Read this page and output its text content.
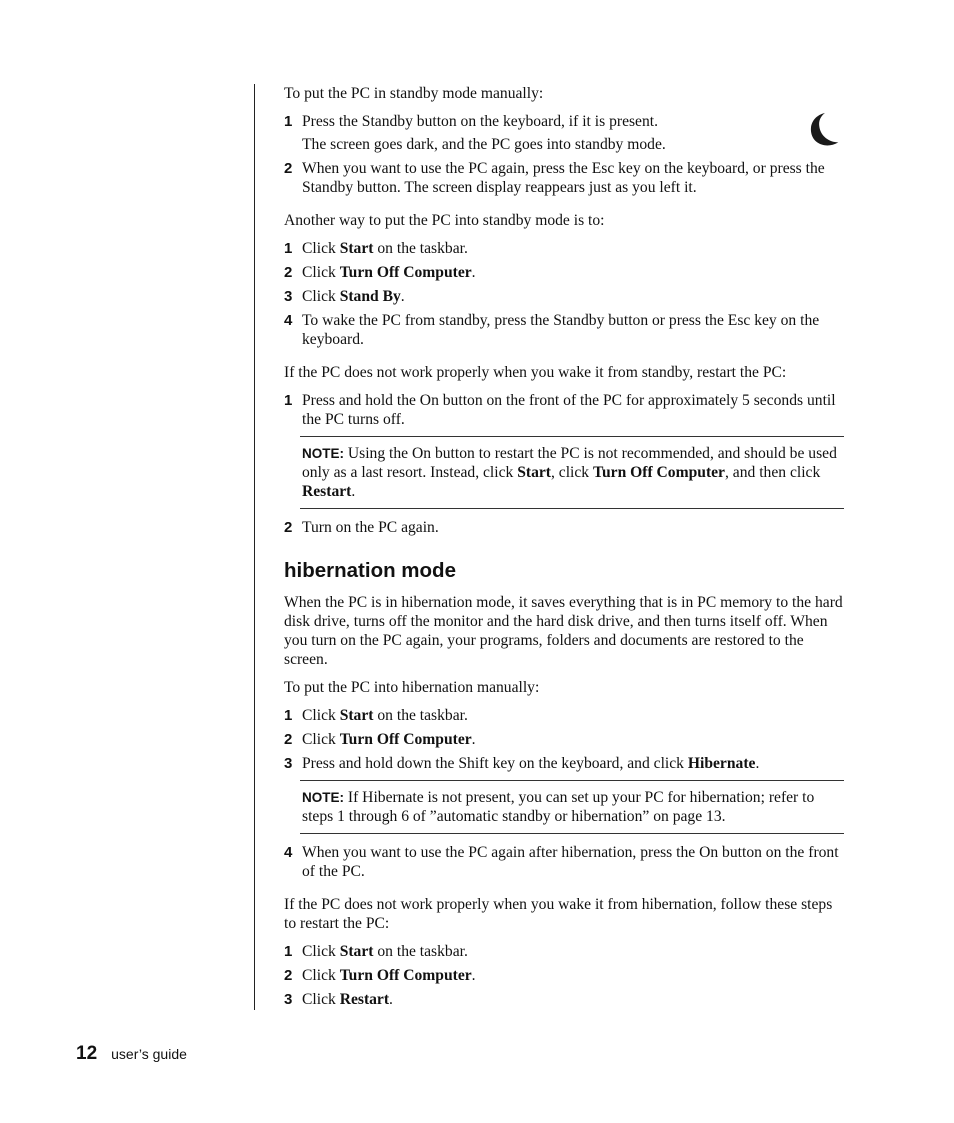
To put the PC in standby mode manually:

1 Press the Standby button on the keyboard, if it is present.
The screen goes dark, and the PC goes into standby mode.
2 When you want to use the PC again, press the Esc key on the keyboard, or press the Standby button. The screen display reappears just as you left it.

Another way to put the PC into standby mode is to:

1 Click Start on the taskbar.
2 Click Turn Off Computer.
3 Click Stand By.
4 To wake the PC from standby, press the Standby button or press the Esc key on the keyboard.

If the PC does not work properly when you wake it from standby, restart the PC:

1 Press and hold the On button on the front of the PC for approximately 5 seconds until the PC turns off.
NOTE: Using the On button to restart the PC is not recommended, and should be used only as a last resort. Instead, click Start, click Turn Off Computer, and then click Restart.
2 Turn on the PC again.
hibernation mode

When the PC is in hibernation mode, it saves everything that is in PC memory to the hard disk drive, turns off the monitor and the hard disk drive, and then turns itself off. When you turn on the PC again, your programs, folders and documents are restored to the screen.

To put the PC into hibernation manually:

1 Click Start on the taskbar.
2 Click Turn Off Computer.
3 Press and hold down the Shift key on the keyboard, and click Hibernate.
NOTE: If Hibernate is not present, you can set up your PC for hibernation; refer to steps 1 through 6 of ”automatic standby or hibernation” on page 13.
4 When you want to use the PC again after hibernation, press the On button on the front of the PC.

If the PC does not work properly when you wake it from hibernation, follow these steps to restart the PC:

1 Click Start on the taskbar.
2 Click Turn Off Computer.
3 Click Restart.
12 user’s guide
